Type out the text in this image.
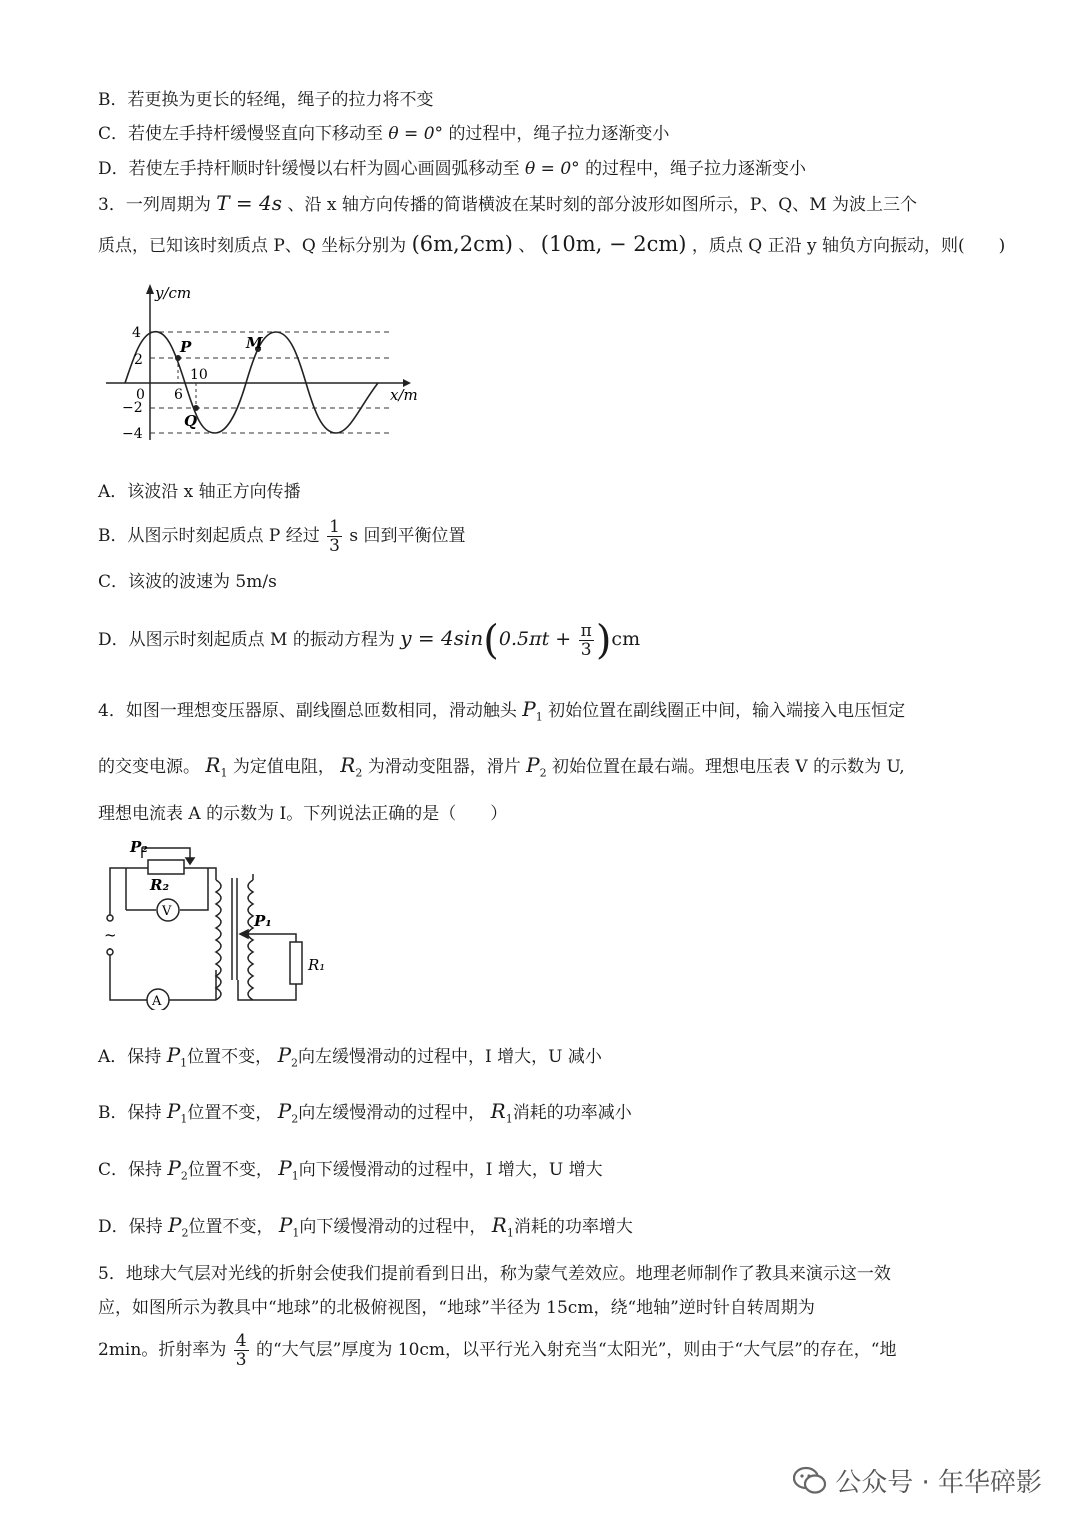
B．若更换为更长的轻绳，绳子的拉力将不变
C．若使左手持杆缓慢竖直向下移动至 θ = 0° 的过程中，绳子拉力逐渐变小
D．若使左手持杆顺时针缓慢以右杆为圆心画圆弧移动至 θ = 0° 的过程中，绳子拉力逐渐变小
3．一列周期为 T = 4s 、沿 x 轴方向传播的简谐横波在某时刻的部分波形如图所示，P、Q、M 为波上三个
质点，已知该时刻质点 P、Q 坐标分别为 (6m,2cm) 、 (10m, − 2cm) ，质点 Q 正沿 y 轴负方向振动，则(　　)
y/cm
x/m
4
2
0
−2
−4
6
10
P
Q
M
A．该波沿 x 轴正方向传播
B．从图示时刻起质点 P 经过 $\frac{1}{3}$ s 回到平衡位置
C．该波的波速为 5m/s
D．从图示时刻起质点 M 的振动方程为 $y = 4\sin(0.5\pi t + \frac{\pi}{3} )cm$
4．如图一理想变压器原、副线圈总匝数相同，滑动触头 $P_1$ 初始位置在副线圈正中间，输入端接入电压恒定
的交变电源。 $R_1$ 为定值电阻， $R_2$ 为滑动变阻器，滑片 $P_2$ 初始位置在最右端。理想电压表 V 的示数为 U,
理想电流表 A 的示数为 I。下列说法正确的是（　　）
P₂
R₂
V
P₁
R₁
A
~
A．保持 $P_1$位置不变， $P_2$向左缓慢滑动的过程中，I 增大，U 减小
B．保持 $P_1$位置不变， $P_2$向左缓慢滑动的过程中， $R_1$消耗的功率减小
C．保持 $P_2$位置不变， $P_1$向下缓慢滑动的过程中，I 增大，U 增大
D．保持 $P_2$位置不变， $P_1$向下缓慢滑动的过程中， $R_1$消耗的功率增大
5．地球大气层对光线的折射会使我们提前看到日出，称为蒙气差效应。地理老师制作了教具来演示这一效
应，如图所示为教具中“地球”的北极俯视图，“地球”半径为 15cm，绕“地轴”逆时针自转周期为
2min。折射率为 $\frac{4}{3}$ 的“大气层”厚度为 10cm，以平行光入射充当“太阳光”，则由于“大气层”的存在，“地
公众号 · 年华碎影
